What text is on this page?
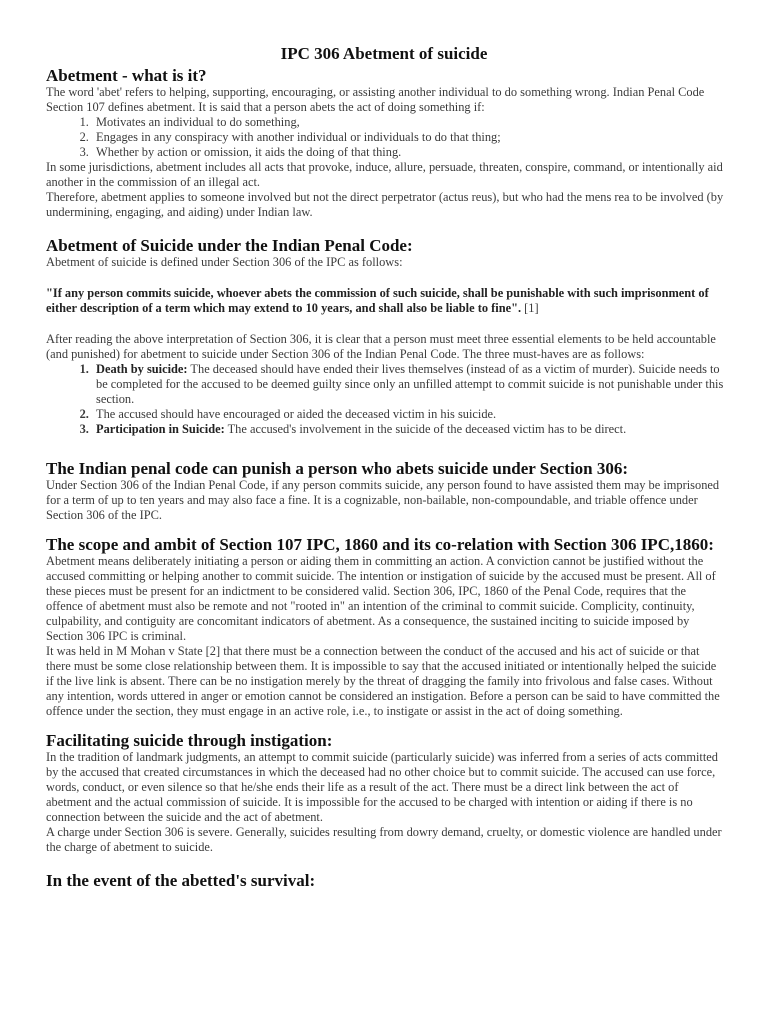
IPC 306 Abetment of suicide
Abetment - what is it?

The word 'abet' refers to helping, supporting, encouraging, or assisting another individual to do something wrong. Indian Penal Code Section 107 defines abetment. It is said that a person abets the act of doing something if:

1. Motivates an individual to do something,
2. Engages in any conspiracy with another individual or individuals to do that thing;
3. Whether by action or omission, it aids the doing of that thing.

In some jurisdictions, abetment includes all acts that provoke, induce, allure, persuade, threaten, conspire, command, or intentionally aid another in the commission of an illegal act.

Therefore, abetment applies to someone involved but not the direct perpetrator (actus reus), but who had the mens rea to be involved (by undermining, engaging, and aiding) under Indian law.

Abetment of Suicide under the Indian Penal Code:

Abetment of suicide is defined under Section 306 of the IPC as follows:

"If any person commits suicide, whoever abets the commission of such suicide, shall be punishable with such imprisonment of either description of a term which may extend to 10 years, and shall also be liable to fine". [1]

After reading the above interpretation of Section 306, it is clear that a person must meet three essential elements to be held accountable (and punished) for abetment to suicide under Section 306 of the Indian Penal Code. The three must-haves are as follows:

1. Death by suicide: The deceased should have ended their lives themselves (instead of as a victim of murder). Suicide needs to be completed for the accused to be deemed guilty since only an unfilled attempt to commit suicide is not punishable under this section.
2. The accused should have encouraged or aided the deceased victim in his suicide.
3. Participation in Suicide: The accused's involvement in the suicide of the deceased victim has to be direct.
The Indian penal code can punish a person who abets suicide under Section 306:

Under Section 306 of the Indian Penal Code, if any person commits suicide, any person found to have assisted them may be imprisoned for a term of up to ten years and may also face a fine. It is a cognizable, non-bailable, non-compoundable, and triable offence under Section 306 of the IPC.

The scope and ambit of Section 107 IPC, 1860 and its co-relation with Section 306 IPC,1860:

Abetment means deliberately initiating a person or aiding them in committing an action. A conviction cannot be justified without the accused committing or helping another to commit suicide. The intention or instigation of suicide by the accused must be present. All of these pieces must be present for an indictment to be considered valid. Section 306, IPC, 1860 of the Penal Code, requires that the offence of abetment must also be remote and not "rooted in" an intention of the criminal to commit suicide. Complicity, continuity, culpability, and contiguity are concomitant indicators of abetment. As a consequence, the sustained inciting to suicide imposed by Section 306 IPC is criminal.

It was held in M Mohan v State [2] that there must be a connection between the conduct of the accused and his act of suicide or that there must be some close relationship between them. It is impossible to say that the accused initiated or intentionally helped the suicide if the live link is absent. There can be no instigation merely by the threat of dragging the family into frivolous and false cases. Without any intention, words uttered in anger or emotion cannot be considered an instigation. Before a person can be said to have committed the offence under the section, they must engage in an active role, i.e., to instigate or assist in the act of doing something.

Facilitating suicide through instigation:

In the tradition of landmark judgments, an attempt to commit suicide (particularly suicide) was inferred from a series of acts committed by the accused that created circumstances in which the deceased had no other choice but to commit suicide. The accused can use force, words, conduct, or even silence so that he/she ends their life as a result of the act. There must be a direct link between the act of abetment and the actual commission of suicide. It is impossible for the accused to be charged with intention or aiding if there is no connection between the suicide and the act of abetment.

A charge under Section 306 is severe. Generally, suicides resulting from dowry demand, cruelty, or domestic violence are handled under the charge of abetment to suicide.

In the event of the abetted's survival:
